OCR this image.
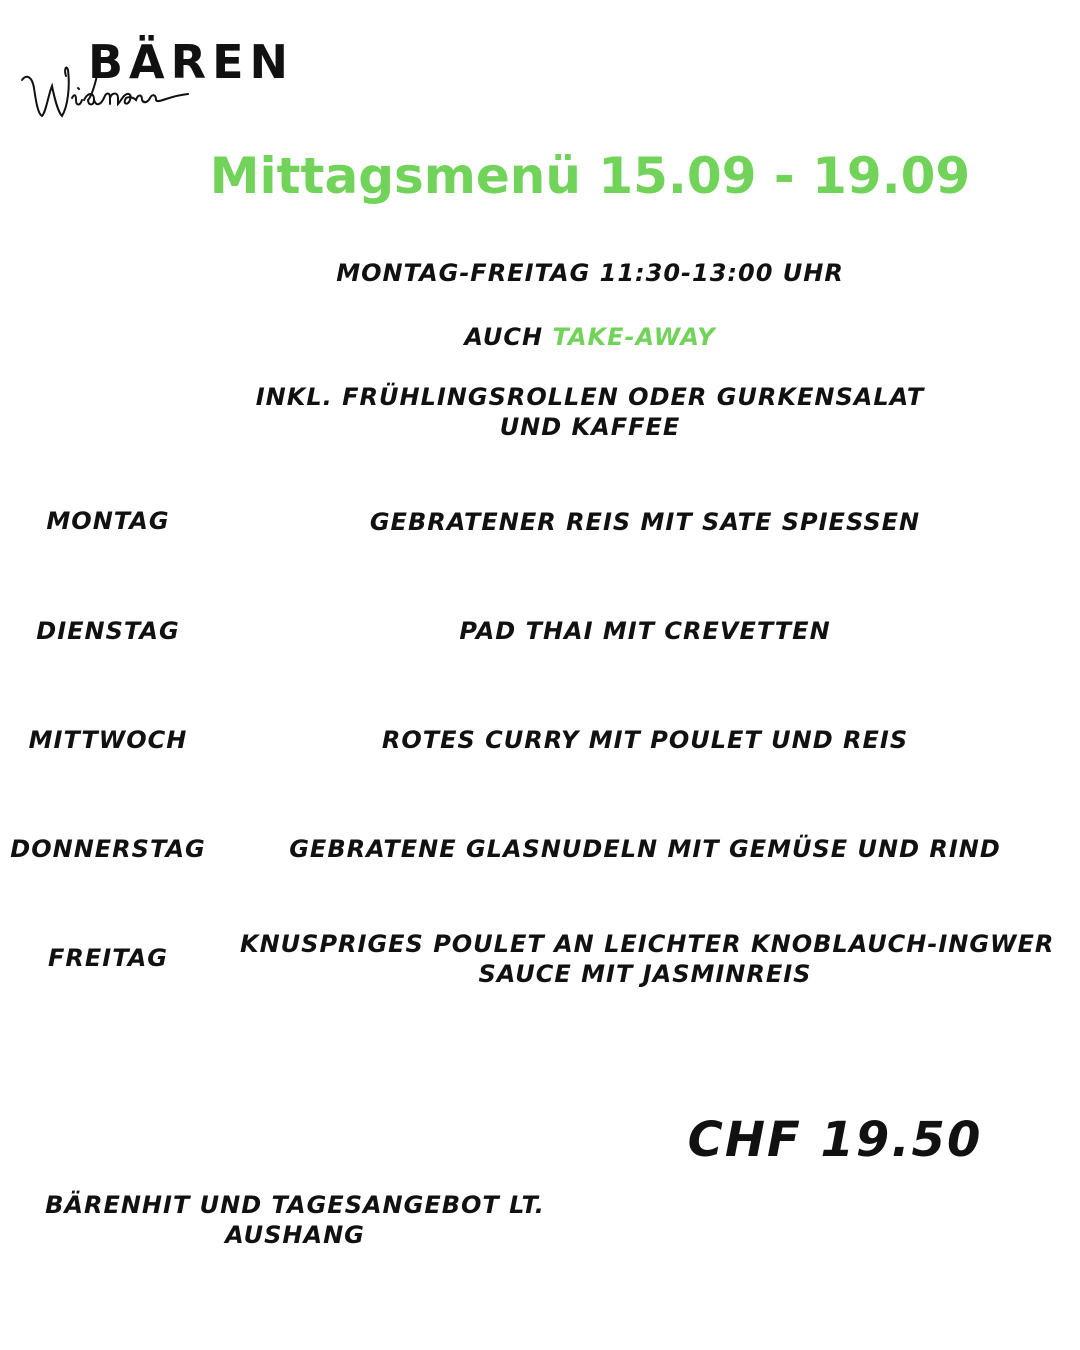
BÄREN
Mittagsmenü 15.09 - 19.09
MONTAG-FREITAG 11:30-13:00 UHR
AUCH TAKE-AWAY
INKL. FRÜHLINGSROLLEN ODER GURKENSALAT
UND KAFFEE
MONTAG	GEBRATENER REIS MIT SATE SPIESSEN
DIENSTAG	PAD THAI MIT CREVETTEN
MITTWOCH	ROTES CURRY MIT POULET UND REIS
DONNERSTAG	GEBRATENE GLASNUDELN MIT GEMÜSE UND RIND
FREITAG	KNUSPRIGES POULET AN LEICHTER KNOBLAUCH-INGWER
SAUCE MIT JASMINREIS
CHF 19.50
BÄRENHIT UND TAGESANGEBOT LT.
AUSHANG
